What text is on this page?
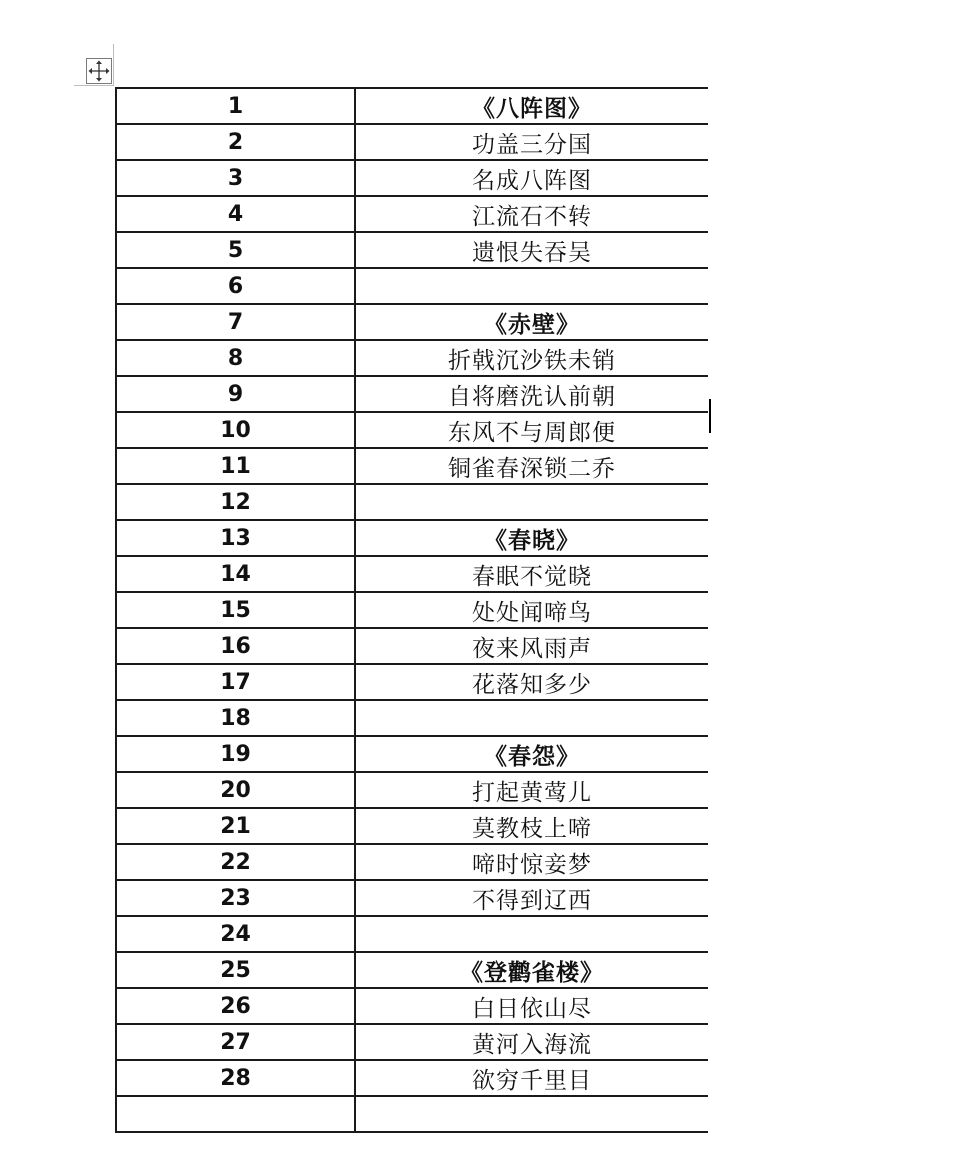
1	《八阵图》
2	功盖三分国
3	名成八阵图
4	江流石不转
5	遗恨失吞吴
6	
7	《赤壁》
8	折戟沉沙铁未销
9	自将磨洗认前朝
10	东风不与周郎便
11	铜雀春深锁二乔
12	
13	《春晓》
14	春眠不觉晓
15	处处闻啼鸟
16	夜来风雨声
17	花落知多少
18	
19	《春怨》
20	打起黄莺儿
21	莫教枝上啼
22	啼时惊妾梦
23	不得到辽西
24	
25	《登鹳雀楼》
26	白日依山尽
27	黄河入海流
28	欲穷千里目
